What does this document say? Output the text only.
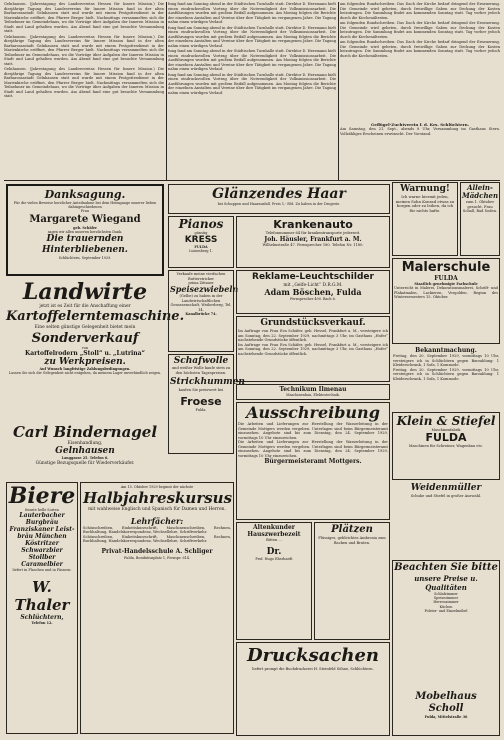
Gelnhausen. (Jahrestagung des Landesvereins Hessen für Innere Mission.) Die diesjährige Tagung des Landesvereins für Innere Mission fand in der alten Barbarossastadt Gelnhausen statt und wurde mit einem Festgottesdienst in der Marienkirche eröffnet, den Pfarrer Berger hielt. Nachmittags versammelten sich die Teilnehmer im Gemeindehaus, wo die Vorträge über Aufgaben der Inneren Mission in Stadt und Land gehalten wurden. Am Abend fand eine gut besuchte Versammlung statt.

Gelnhausen. (Jahrestagung des Landesvereins Hessen für Innere Mission.) Die diesjährige Tagung des Landesvereins für Innere Mission fand in der alten Barbarossastadt Gelnhausen statt und wurde mit einem Festgottesdienst in der Marienkirche eröffnet, den Pfarrer Berger hielt. Nachmittags versammelten sich die Teilnehmer im Gemeindehaus, wo die Vorträge über Aufgaben der Inneren Mission in Stadt und Land gehalten wurden. Am Abend fand eine gut besuchte Versammlung statt.

Gelnhausen. (Jahrestagung des Landesvereins Hessen für Innere Mission.) Die diesjährige Tagung des Landesvereins für Innere Mission fand in der alten Barbarossastadt Gelnhausen statt und wurde mit einem Festgottesdienst in der Marienkirche eröffnet, den Pfarrer Berger hielt. Nachmittags versammelten sich die Teilnehmer im Gemeindehaus, wo die Vorträge über Aufgaben der Inneren Mission in Stadt und Land gehalten wurden. Am Abend fand eine gut besuchte Versammlung statt.

fung fand am Sonntag abend in der Städtischen Turnhalle statt. Direktor D. Herzmann hielt einen eindrucksvollen Vortrag über die Notwendigkeit der Volksmissionsarbeit. Die Ausführungen wurden mit großem Beifall aufgenommen. Am Montag folgten die Berichte der einzelnen Anstalten und Vereine über ihre Tätigkeit im vergangenen Jahre. Die Tagung nahm einen würdigen Verlauf.

fung fand am Sonntag abend in der Städtischen Turnhalle statt. Direktor D. Herzmann hielt einen eindrucksvollen Vortrag über die Notwendigkeit der Volksmissionsarbeit. Die Ausführungen wurden mit großem Beifall aufgenommen. Am Montag folgten die Berichte der einzelnen Anstalten und Vereine über ihre Tätigkeit im vergangenen Jahre. Die Tagung nahm einen würdigen Verlauf.

fung fand am Sonntag abend in der Städtischen Turnhalle statt. Direktor D. Herzmann hielt einen eindrucksvollen Vortrag über die Notwendigkeit der Volksmissionsarbeit. Die Ausführungen wurden mit großem Beifall aufgenommen. Am Montag folgten die Berichte der einzelnen Anstalten und Vereine über ihre Tätigkeit im vergangenen Jahre. Die Tagung nahm einen würdigen Verlauf.

fung fand am Sonntag abend in der Städtischen Turnhalle statt. Direktor D. Herzmann hielt einen eindrucksvollen Vortrag über die Notwendigkeit der Volksmissionsarbeit. Die Ausführungen wurden mit großem Beifall aufgenommen. Am Montag folgten die Berichte der einzelnen Anstalten und Vereine über ihre Tätigkeit im vergangenen Jahre. Die Tagung nahm einen würdigen Verlauf.

am folgenden Rundschreiben: Das Dach der Kirche bedarf dringend der Erneuerung. Die Gemeinde wird gebeten, durch freiwillige Gaben zur Deckung der Kosten beizutragen. Die Sammlung findet am kommenden Sonntag statt. Tag vorher jedoch durch die Kirchenältesten.

am folgenden Rundschreiben: Das Dach der Kirche bedarf dringend der Erneuerung. Die Gemeinde wird gebeten, durch freiwillige Gaben zur Deckung der Kosten beizutragen. Die Sammlung findet am kommenden Sonntag statt. Tag vorher jedoch durch die Kirchenältesten.

am folgenden Rundschreiben: Das Dach der Kirche bedarf dringend der Erneuerung. Die Gemeinde wird gebeten, durch freiwillige Gaben zur Deckung der Kosten beizutragen. Die Sammlung findet am kommenden Sonntag statt. Tag vorher jedoch durch die Kirchenältesten.

Geflügel-Zuchtverein f. d. Krs. Schlüchtern.
Am Samstag, den 21. Sept., abends 8 Uhr, Versammlung im Gasthaus Stern. Vollzähliges Erscheinen erwünscht. Der Vorstand.
Danksagung.
Für die vielen Beweise herzlicher Anteilnahme bei dem Heimgange unserer lieben dahingeschiedenen
Frau
Margarete Wiegand
geb. Schäfer
sagen wir allen unseren herzlichsten Dank.
Die trauernden Hinterbliebenen.
Schlüchtern, September 1929.
Glänzendes Haar
bei Schuppen und Haarausfall. Preis 1,- RM. Zu haben in der Drogerie.
Warnung!
Ich warne hiermit jeden, meinen Sohn Konrad etwas zu borgen oder zu leihen, da ich für nichts hafte.
Allein-Mädchen
zum 1. Oktober gesucht. Frau Schall, Bad Soden.
Pianos
günstig
KRESS
FULDA
Luisenberg 1.
Krankenauto
Telefonnummer 64 für krankentransporte jederzeit.
Joh. Häusler, Frankfurt a. M.
Wilhelmstraße 47. Fernsprecher 180. Telefon Nr. 1180.
Malerschule
FULDA
Staatlich genehmigte Fachschule
Unterricht in Malerei, Dekorationsmalerei, Schrift- und Plakatmalen, Lackieren, Vergolden. Beginn des Wintersemesters 15. Oktober.
Landwirte
jetzt ist es Zeit für die Anschaffung einer
Kartoffelerntemaschine.
Eine selten günstige Gelegenheit bietet mein
Sonderverkauf
von
Kartoffelrodern „Stoll“ u. „Lutrina“
zu Werkpreisen.
Auf Wunsch langfristige Zahlungsbedingungen.
Lassen Sie sich die Gelegenheit nicht entgehen, da meinem Lager unverbindlich zeigen.
Carl Bindernagel
Eisenhandlung,
Gelnhausen
Langgasse 25. Telefon 6.
Günstige Bezugsquelle für Wiederverkäufer.
Verkaufe meine vierfachen Butterstricker
prima Zittauer
Speisezwiebeln
(Gelbe) zu haben in der Landwirtschaftlichen Genossenschaft, Weiherberg, Tel. 14.
Kanalbrücke 74.
Reklame-Leuchtschilder
mit „Gelfe-Licht“ D.R.G.M.
Adam Böschen, Fulda
Fernsprecher 490. Bach 6.
Grundstücksverkauf.
Im Auftrage von Frau Eva Schäfer, geb. Hessel, Frankfurt a. M., versteigere ich am Sonntag, den 22. September 1929, nachmittags 3 Uhr, im Gasthaus „Hofer“ nachstehende Grundstücke öffentlich.
Im Auftrage von Frau Eva Schäfer, geb. Hessel, Frankfurt a. M., versteigere ich am Sonntag, den 22. September 1929, nachmittags 3 Uhr, im Gasthaus „Hofer“ nachstehende Grundstücke öffentlich.
Schafwolle
und weißer Wolle kaufe stets zu den höchsten Tagespreisen.
Strickhummen
kaufen Sie preiswert bei
Froese
Fulda.
Technikum Ilmenau
Maschinenbau, Elektrotechnik.
Ausschreibung
Die Arbeiten und Lieferungen zur Herstellung der Wasserleitung in der Gemeinde Mottgers werden vergeben. Unterlagen sind beim Bürgermeisteramt einzusehen. Angebote sind bis zum Dienstag, den 24. September 1929, vormittags 10 Uhr einzureichen.
Die Arbeiten und Lieferungen zur Herstellung der Wasserleitung in der Gemeinde Mottgers werden vergeben. Unterlagen sind beim Bürgermeisteramt einzusehen. Angebote sind bis zum Dienstag, den 24. September 1929, vormittags 10 Uhr einzureichen.
Bürgermeisteramt Mottgers.
Bekanntmachung.
Freitag, den 20. September 1929, vormittags 10 Uhr, versteigere ich in Schlüchtern gegen Barzahlung: 1 Kleiderschrank, 1 Sofa, 1 Kommode.
Freitag, den 20. September 1929, vormittags 10 Uhr, versteigere ich in Schlüchtern gegen Barzahlung: 1 Kleiderschrank, 1 Sofa, 1 Kommode.
Klein & Stiefel
Maschinenfabrik
FULDA
Maschinen für Schreiner, Wagenbau etc.
Biere
feinste helle Sorten
Lauterbacher
Burgbräu
Franziskaner Leist-
bräu München
Köstritzer
Schwarzbier
Stollber
Caramelbier
liefert in Flaschen und in Fässern:
W. Thaler
Schlüchtern,
Telefon 12.
Am 15. Oktober 1929 beginnt der nächste
Halbjahreskursus
mit wahlweise Englisch und Spanisch für Damen und Herren.
Lehrfächer:
Schönschreiben, Einheitskurzschrift, Maschinenschreiben, Rechnen, Buchhaltung, Handelskorrespondenz, Wechsellehre, Schriftverkehr.
Schönschreiben, Einheitskurzschrift, Maschinenschreiben, Rechnen, Buchhaltung, Handelskorrespondenz, Wechsellehre, Schriftverkehr.
Privat-Handelsschule A. Schliger
Fulda, Bonifatiusplatz 1, Fernspr. 614.
Altenkunder Hauszwerbezeit
Bitten ...
Dr.
Prof. Hugo Eberhardt
Plätzen
Flüssiges, gebleichtes Ambrosia zum Backen und Braten.
Beachten Sie bitte
unsere Preise u. Qualitäten
Schlafzimmer
Speisezimmer
Herrenzimmer
Küchen
Polster- und Einzelmöbel
Mobelhaus Scholl
Fulda, Mittelstraße 36
Drucksachen
liefert prompt die Buchdruckerei H. Steinfeld Söhne, Schlüchtern.
Weidenmüller
Schuhe und Stiefel in großer Auswahl.
